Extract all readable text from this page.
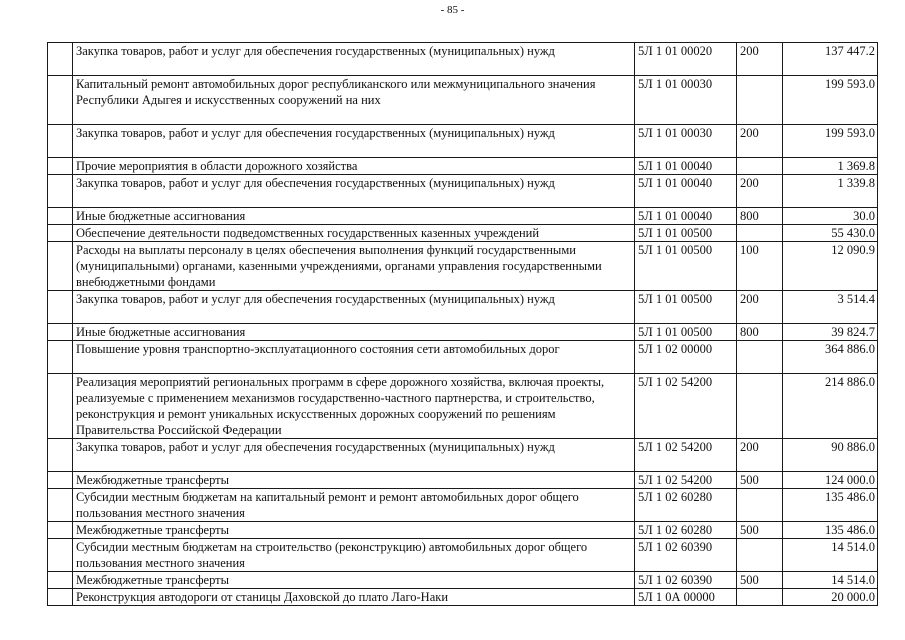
- 85 -
	Закупка товаров, работ и услуг для обеспечения государственных (муниципальных) нужд	5Л 1 01 00020	200	137 447.2
	Капитальный ремонт автомобильных дорог республиканского или межмуниципального значения Республики Адыгея и искусственных сооружений на них	5Л 1 01 00030		199 593.0
	Закупка товаров, работ и услуг для обеспечения государственных (муниципальных) нужд	5Л 1 01 00030	200	199 593.0
	Прочие мероприятия в области дорожного хозяйства	5Л 1 01 00040		1 369.8
	Закупка товаров, работ и услуг для обеспечения государственных (муниципальных) нужд	5Л 1 01 00040	200	1 339.8
	Иные бюджетные ассигнования	5Л 1 01 00040	800	30.0
	Обеспечение деятельности подведомственных государственных казенных учреждений	5Л 1 01 00500		55 430.0
	Расходы на выплаты персоналу в целях обеспечения выполнения функций государственными (муниципальными) органами, казенными учреждениями, органами управления государственными внебюджетными фондами	5Л 1 01 00500	100	12 090.9
	Закупка товаров, работ и услуг для обеспечения государственных (муниципальных) нужд	5Л 1 01 00500	200	3 514.4
	Иные бюджетные ассигнования	5Л 1 01 00500	800	39 824.7
	Повышение уровня транспортно-эксплуатационного состояния сети автомобильных дорог	5Л 1 02 00000		364 886.0
	Реализация мероприятий региональных программ в сфере дорожного хозяйства, включая проекты, реализуемые с применением механизмов государственно-частного партнерства, и строительство, реконструкция и ремонт уникальных искусственных дорожных сооружений по решениям Правительства Российской Федерации	5Л 1 02 54200		214 886.0
	Закупка товаров, работ и услуг для обеспечения государственных (муниципальных) нужд	5Л 1 02 54200	200	90 886.0
	Межбюджетные трансферты	5Л 1 02 54200	500	124 000.0
	Субсидии местным бюджетам на капитальный ремонт и ремонт автомобильных дорог общего пользования местного значения	5Л 1 02 60280		135 486.0
	Межбюджетные трансферты	5Л 1 02 60280	500	135 486.0
	Субсидии местным бюджетам на строительство (реконструкцию) автомобильных дорог общего пользования местного значения	5Л 1 02 60390		14 514.0
	Межбюджетные трансферты	5Л 1 02 60390	500	14 514.0
	Реконструкция автодороги от станицы Даховской до плато Лаго-Наки	5Л 1 0А 00000		20 000.0
